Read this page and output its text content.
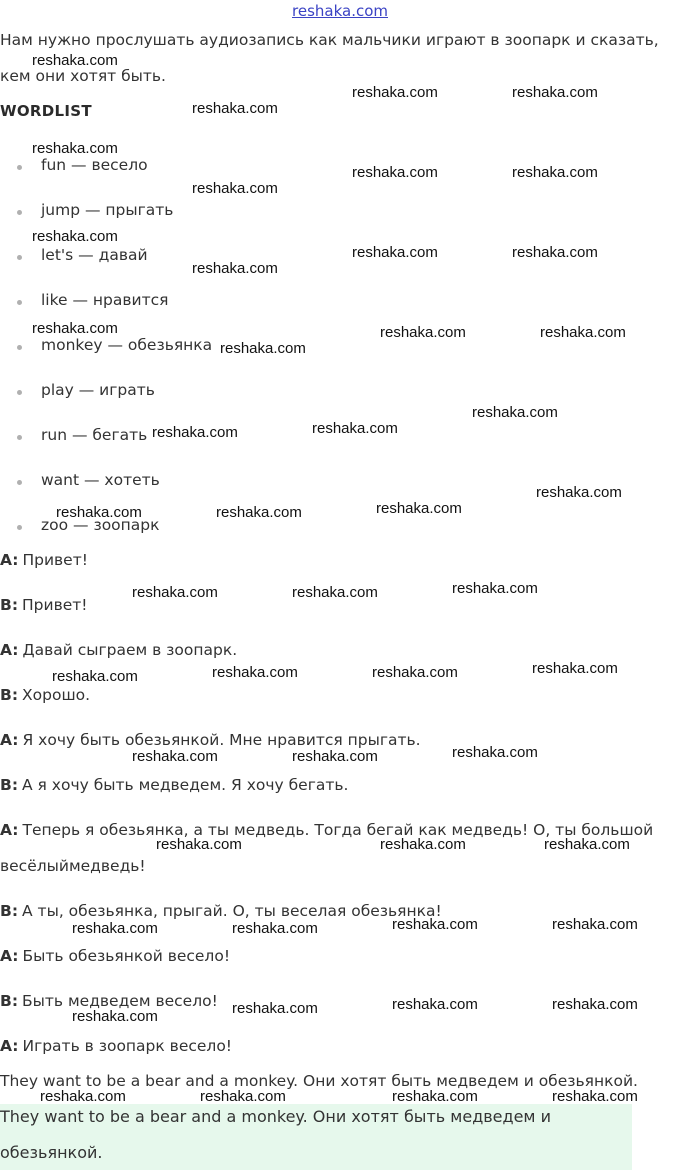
reshaka.com
Нам нужно прослушать аудиозапись как мальчики играют в зоопарк и сказать,
кем они хотят быть.
WORDLIST
fun — весело
jump — прыгать
let's — давай
like — нравится
monkey — обезьянка
play — играть
run — бегать
want — хотеть
zoo — зоопарк
A: Привет!
B: Привет!
A: Давай сыграем в зоопарк.
B: Хорошо.
A: Я хочу быть обезьянкой. Мне нравится прыгать.
B: А я хочу быть медведем. Я хочу бегать.
A: Теперь я обезьянка, а ты медведь. Тогда бегай как медведь! О, ты большой
весёлыймедведь!
B: А ты, обезьянка, прыгай. О, ты веселая обезьянка!
A: Быть обезьянкой весело!
B: Быть медведем весело!
A: Играть в зоопарк весело!
They want to be a bear and a monkey. Они хотят быть медведем и обезьянкой.
They want to be a bear and a monkey. Они хотят быть медведем и
обезьянкой.
reshaka.com
reshaka.com
reshaka.com	reshaka.com
reshaka.com
reshaka.com
reshaka.com	reshaka.com
reshaka.com
reshaka.com
reshaka.com	reshaka.com
reshaka.com
reshaka.com
reshaka.com	reshaka.com
reshaka.com	reshaka.com
reshaka.com
reshaka.com	reshaka.com	reshaka.com
reshaka.com
reshaka.com	reshaka.com	reshaka.com
reshaka.com	reshaka.com	reshaka.com	reshaka.com
reshaka.com	reshaka.com	reshaka.com
reshaka.com	reshaka.com	reshaka.com
reshaka.com	reshaka.com	reshaka.com	reshaka.com
reshaka.com	reshaka.com	reshaka.com	reshaka.com
reshaka.com	reshaka.com	reshaka.com	reshaka.com
